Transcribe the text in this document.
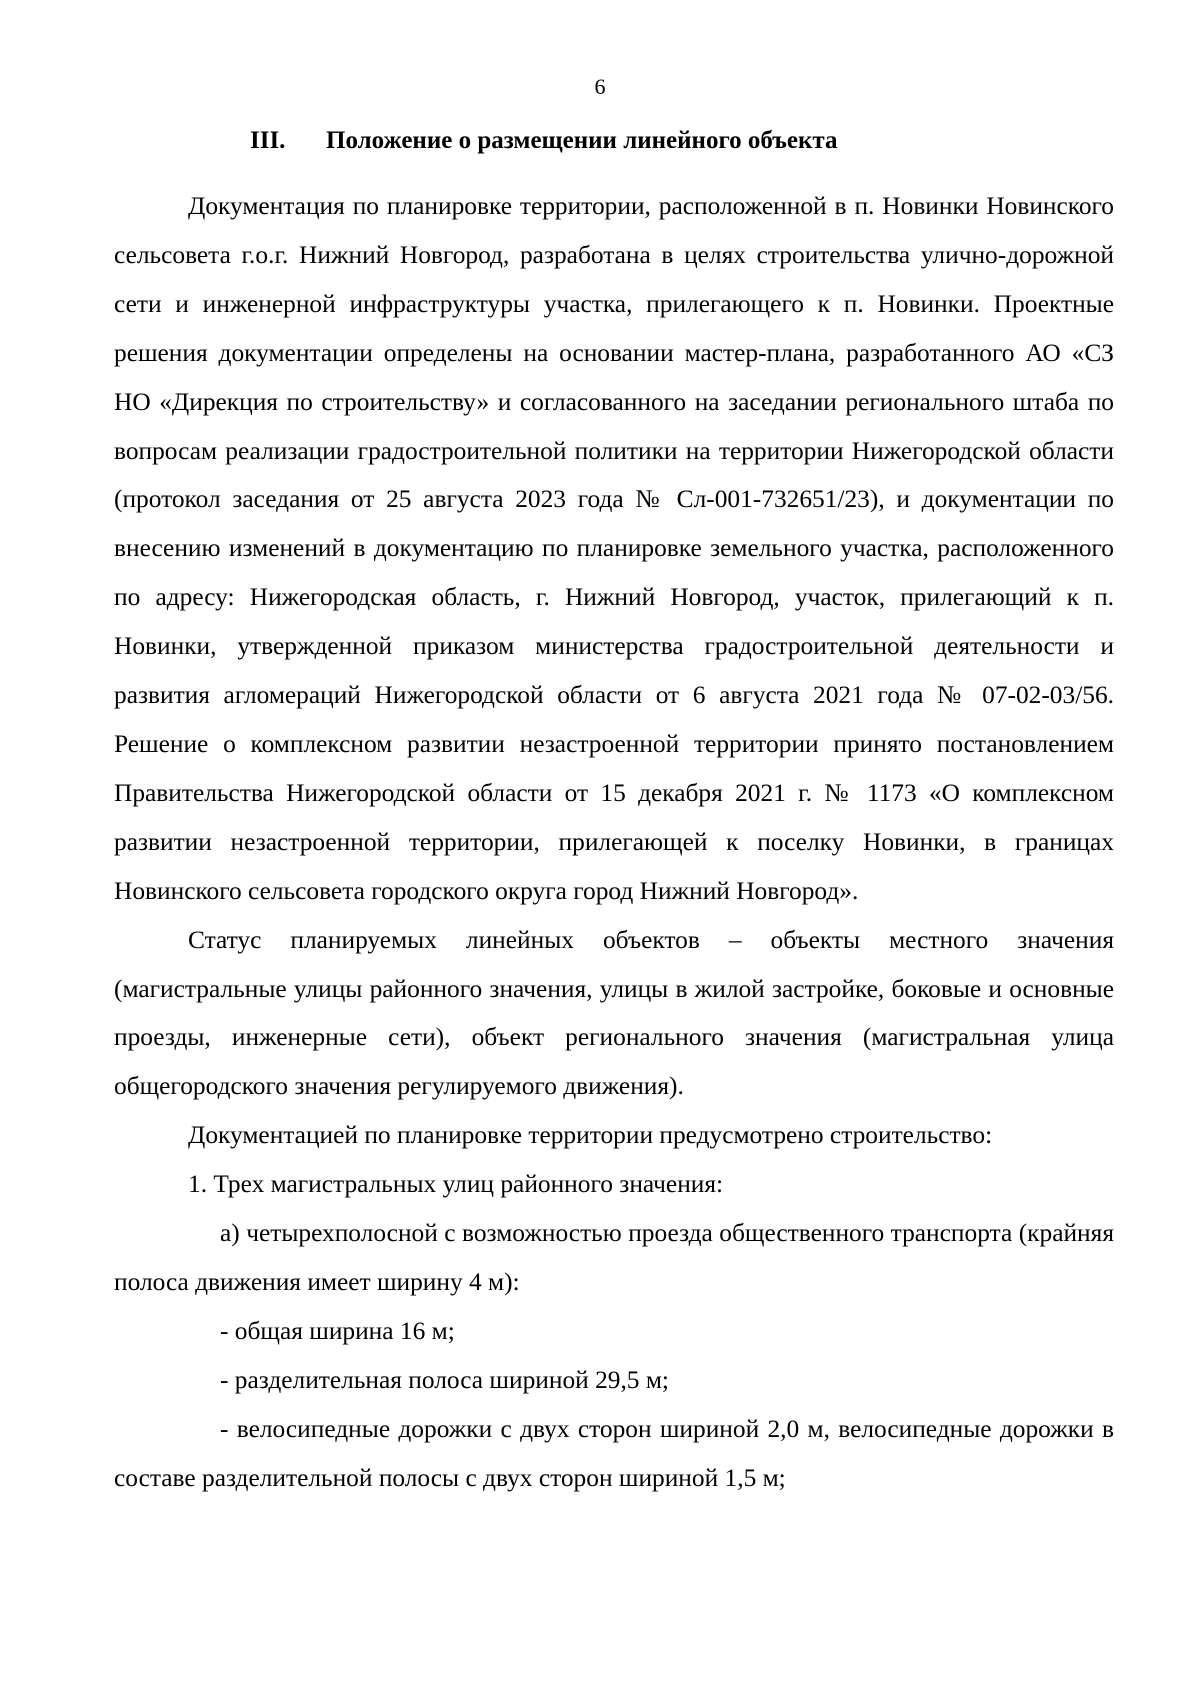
6
III. Положение о размещении линейного объекта

Документация по планировке территории, расположенной в п. Новинки Новинского сельсовета г.о.г. Нижний Новгород, разработана в целях строительства улично-дорожной сети и инженерной инфраструктуры участка, прилегающего к п. Новинки. Проектные решения документации определены на основании мастер-плана, разработанного АО «СЗ НО «Дирекция по строительству» и согласованного на заседании регионального штаба по вопросам реализации градостроительной политики на территории Нижегородской области (протокол заседания от 25 августа 2023 года № Сл-001-732651/23), и документации по внесению изменений в документацию по планировке земельного участка, расположенного по адресу: Нижегородская область, г. Нижний Новгород, участок, прилегающий к п. Новинки, утвержденной приказом министерства градостроительной деятельности и развития агломераций Нижегородской области от 6 августа 2021 года № 07-02-03/56. Решение о комплексном развитии незастроенной территории принято постановлением Правительства Нижегородской области от 15 декабря 2021 г. № 1173 «О комплексном развитии незастроенной территории, прилегающей к поселку Новинки, в границах Новинского сельсовета городского округа город Нижний Новгород».

Статус планируемых линейных объектов – объекты местного значения (магистральные улицы районного значения, улицы в жилой застройке, боковые и основные проезды, инженерные сети), объект регионального значения (магистральная улица общегородского значения регулируемого движения).

Документацией по планировке территории предусмотрено строительство:

1. Трех магистральных улиц районного значения:

а) четырехполосной с возможностью проезда общественного транспорта (крайняя полоса движения имеет ширину 4 м):

- общая ширина 16 м;

- разделительная полоса шириной 29,5 м;

- велосипедные дорожки с двух сторон шириной 2,0 м, велосипедные дорожки в составе разделительной полосы с двух сторон шириной 1,5 м;
